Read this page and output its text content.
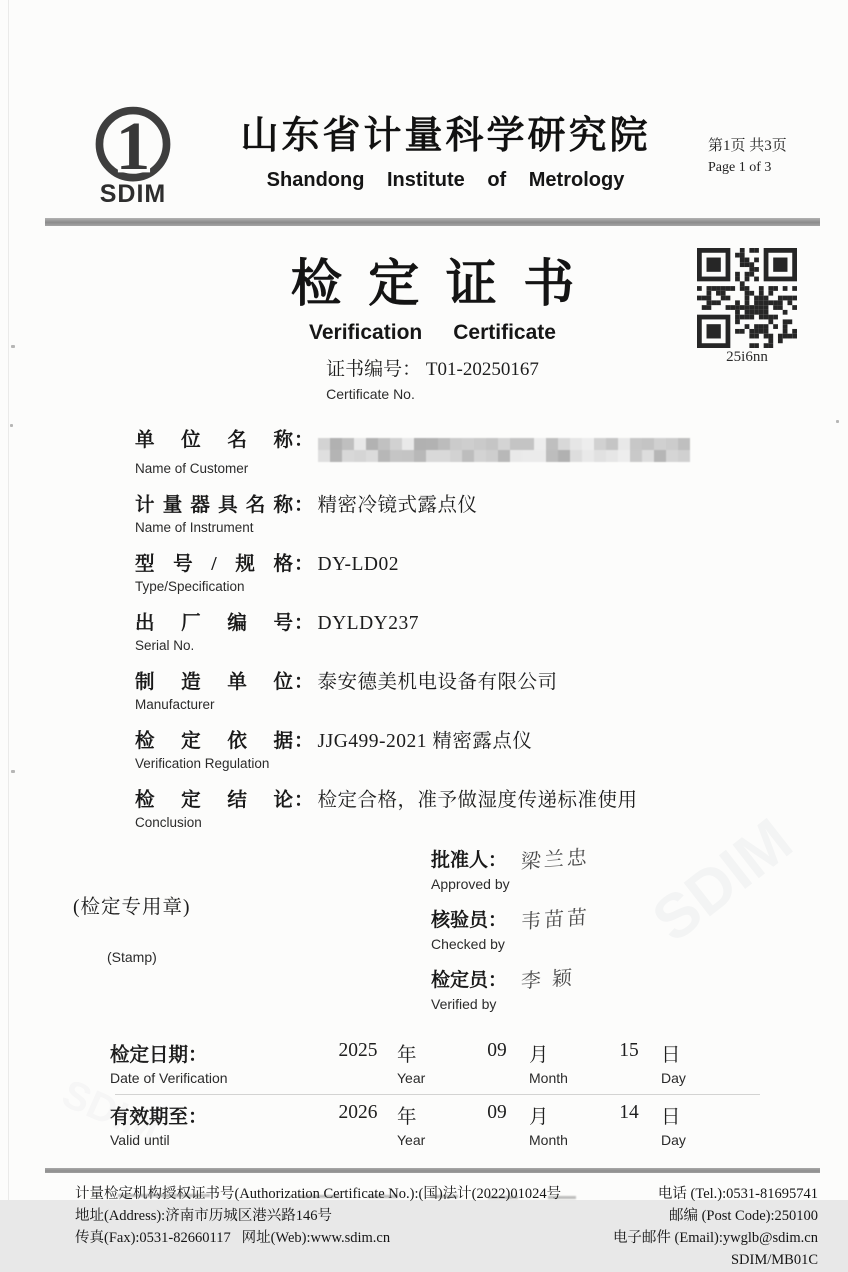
SDIM
1
SDIM
山东省计量科学研究院
Shandong Institute of Metrology
第1页 共3页
Page 1 of 3
检定证书
Verification Certificate
证书编号： T01-20250167
Certificate No.
25i6nn
单位名称 ：
Name of Customer
计量器具名称 ： 精密冷镜式露点仪
Name of Instrument
型号/规格 ： DY-LD02
Type/Specification
出厂编号 ： DYLDY237
Serial No.
制造单位 ： 泰安德美机电设备有限公司
Manufacturer
检定依据 ： JJG499-2021 精密露点仪
Verification Regulation
检定结论 ： 检定合格，准予做湿度传递标准使用
Conclusion
(检定专用章)
(Stamp)
批准人： 梁兰忠
Approved by
核验员： 韦苗苗
Checked by
检定员： 李 颖
Verified by
检定日期：
Date of Verification
2025	年
Year
09	月
Month
15	日
Day
有效期至：
Valid until
2026	年
Year
09	月
Month
14	日
Day
计量检定机构授权证书号(Authorization Certificate No.):(国)法计(2022)01024号	电话 (Tel.):0531-81695741
地址(Address):济南市历城区港兴路146号	邮编 (Post Code):250100
传真(Fax):0531-82660117   网址(Web):www.sdim.cn	电子邮件 (Email):ywglb@sdim.cn
SDIM/MB01C
